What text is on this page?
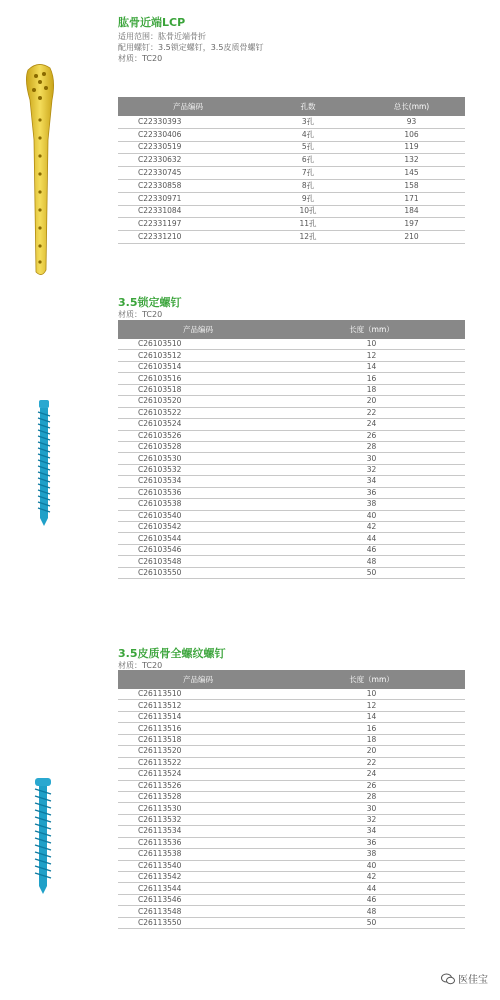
肱骨近端LCP
适用范围：肱骨近端骨折
配用螺钉：3.5锁定螺钉，3.5皮质骨螺钉
材质：TC20
产品编码	孔数	总长(mm)
C22330393	3孔	93
C22330406	4孔	106
C22330519	5孔	119
C22330632	6孔	132
C22330745	7孔	145
C22330858	8孔	158
C22330971	9孔	171
C22331084	10孔	184
C22331197	11孔	197
C22331210	12孔	210
3.5锁定螺钉
材质：TC20
产品编码	长度（mm）
C26103510	10
C26103512	12
C26103514	14
C26103516	16
C26103518	18
C26103520	20
C26103522	22
C26103524	24
C26103526	26
C26103528	28
C26103530	30
C26103532	32
C26103534	34
C26103536	36
C26103538	38
C26103540	40
C26103542	42
C26103544	44
C26103546	46
C26103548	48
C26103550	50
3.5皮质骨全螺纹螺钉
材质：TC20
产品编码	长度（mm）
C26113510	10
C26113512	12
C26113514	14
C26113516	16
C26113518	18
C26113520	20
C26113522	22
C26113524	24
C26113526	26
C26113528	28
C26113530	30
C26113532	32
C26113534	34
C26113536	36
C26113538	38
C26113540	40
C26113542	42
C26113544	44
C26113546	46
C26113548	48
C26113550	50
医佳宝
